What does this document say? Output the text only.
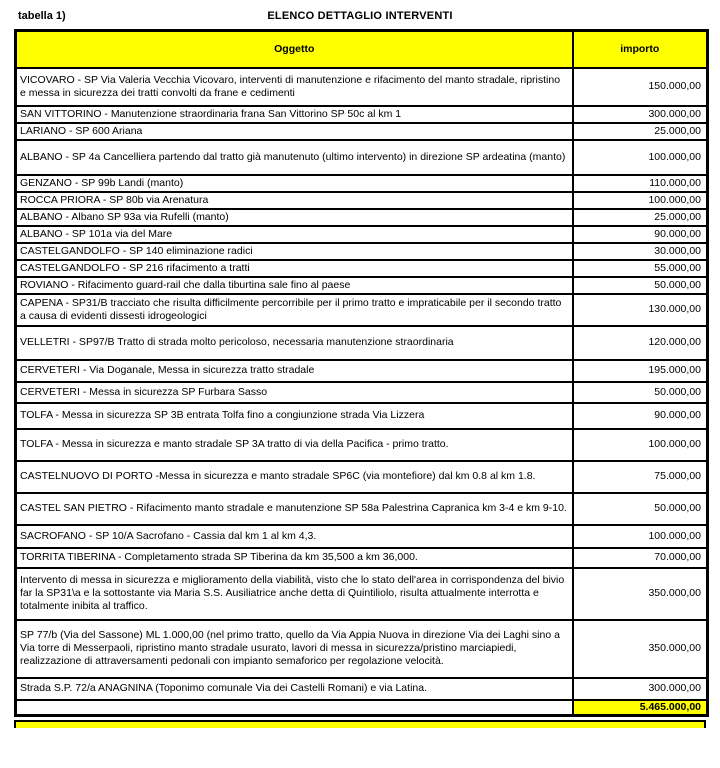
tabella 1)	ELENCO DETTAGLIO INTERVENTI
Oggetto	importo
VICOVARO - SP Via Valeria Vecchia Vicovaro, interventi di manutenzione e rifacimento del manto stradale, ripristino e messa in sicurezza dei tratti convolti da frane e cedimenti	150.000,00
SAN VITTORINO - Manutenzione straordinaria frana San Vittorino SP 50c al km 1	300.000,00
LARIANO - SP 600 Ariana	25.000,00
ALBANO - SP 4a Cancelliera partendo dal tratto già manutenuto (ultimo intervento) in direzione SP ardeatina (manto)	100.000,00
GENZANO - SP 99b Landi (manto)	110.000,00
ROCCA PRIORA - SP 80b via Arenatura	100.000,00
ALBANO - Albano SP 93a via Rufelli (manto)	25.000,00
ALBANO - SP 101a via del Mare	90.000,00
CASTELGANDOLFO - SP 140 eliminazione radici	30.000,00
CASTELGANDOLFO - SP 216 rifacimento a tratti	55.000,00
ROVIANO - Rifacimento guard-rail che dalla tiburtina sale fino al paese	50.000,00
CAPENA - SP31/B tracciato che risulta difficilmente percorribile per il primo tratto e impraticabile per il secondo tratto a causa di evidenti dissesti idrogeologici	130.000,00
VELLETRI - SP97/B Tratto di strada molto pericoloso, necessaria manutenzione straordinaria	120.000,00
CERVETERI - Via Doganale, Messa in sicurezza tratto stradale	195.000,00
CERVETERI - Messa in sicurezza SP Furbara Sasso	50.000,00
TOLFA - Messa in sicurezza SP 3B entrata Tolfa fino a congiunzione strada Via Lizzera	90.000,00
TOLFA - Messa in sicurezza e manto stradale SP 3A tratto di via della Pacifica - primo tratto.	100.000,00
CASTELNUOVO DI PORTO -Messa in sicurezza e manto stradale SP6C (via montefiore) dal km 0.8 al km 1.8.	75.000,00
CASTEL SAN PIETRO - Rifacimento manto stradale e manutenzione SP 58a Palestrina Capranica km 3-4 e km 9-10.	50.000,00
SACROFANO - SP 10/A Sacrofano - Cassia dal km 1 al km 4,3.	100.000,00
TORRITA TIBERINA - Completamento strada SP Tiberina da km 35,500 a km 36,000.	70.000,00
Intervento di messa in sicurezza e miglioramento della viabilità, visto che lo stato dell'area in corrispondenza del bivio far la SP31\a e la sottostante via Maria S.S. Ausiliatrice anche detta di Quintiliolo, risulta attualmente interrotta e totalmente inibita al traffico.	350.000,00
SP 77/b (Via del Sassone) ML 1.000,00 (nel primo tratto, quello da Via Appia Nuova in direzione Via dei Laghi sino a Via torre di Messerpaoli, ripristino manto stradale usurato, lavori di messa in sicurezza/pristino marciapiedi, realizzazione di attraversamenti pedonali con impianto semaforico per regolazione velocità.	350.000,00
Strada S.P. 72/a ANAGNINA (Toponimo comunale Via dei Castelli Romani) e via Latina.	300.000,00
	5.465.000,00
